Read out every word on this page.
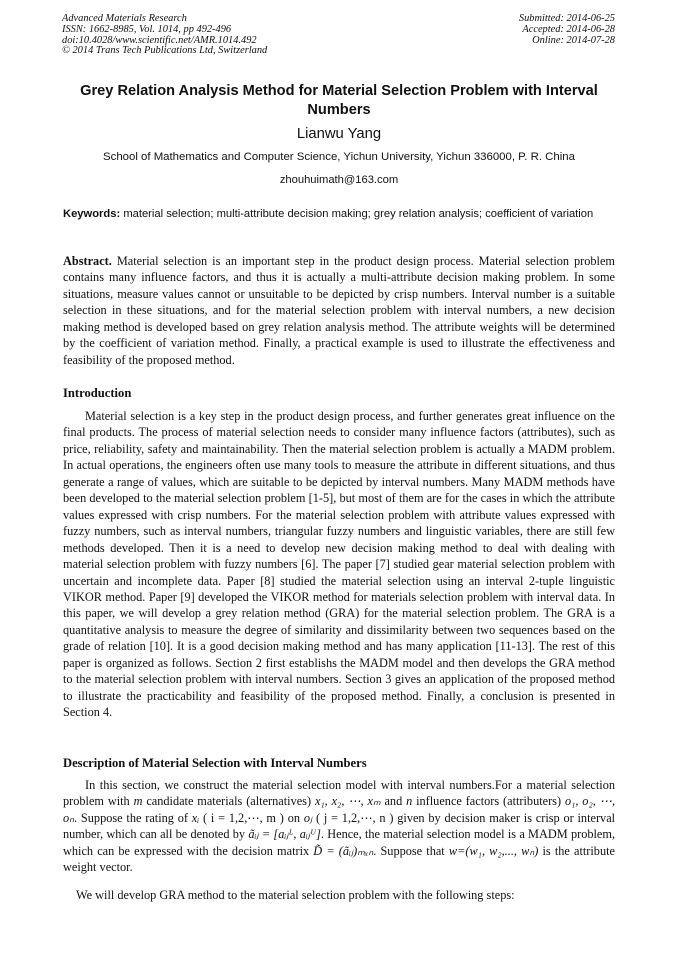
Advanced Materials Research
ISSN: 1662-8985, Vol. 1014, pp 492-496
doi:10.4028/www.scientific.net/AMR.1014.492
© 2014 Trans Tech Publications Ltd, Switzerland
Submitted: 2014-06-25
Accepted: 2014-06-28
Online: 2014-07-28
Grey Relation Analysis Method for Material Selection Problem with Interval Numbers
Lianwu Yang
School of Mathematics and Computer Science, Yichun University, Yichun 336000, P. R. China
zhouhuimath@163.com
Keywords: material selection; multi-attribute decision making; grey relation analysis; coefficient of variation

Abstract. Material selection is an important step in the product design process. Material selection problem contains many influence factors, and thus it is actually a multi-attribute decision making problem. In some situations, measure values cannot or unsuitable to be depicted by crisp numbers. Interval number is a suitable selection in these situations, and for the material selection problem with interval numbers, a new decision making method is developed based on grey relation analysis method. The attribute weights will be determined by the coefficient of variation method. Finally, a practical example is used to illustrate the effectiveness and feasibility of the proposed method.

Introduction

Material selection is a key step in the product design process, and further generates great influence on the final products. The process of material selection needs to consider many influence factors (attributes), such as price, reliability, safety and maintainability. Then the material selection problem is actually a MADM problem. In actual operations, the engineers often use many tools to measure the attribute in different situations, and thus generate a range of values, which are suitable to be depicted by interval numbers. Many MADM methods have been developed to the material selection problem [1-5], but most of them are for the cases in which the attribute values expressed with crisp numbers. For the material selection problem with attribute values expressed with fuzzy numbers, such as interval numbers, triangular fuzzy numbers and linguistic variables, there are still few methods developed. Then it is a need to develop new decision making method to deal with dealing with material selection problem with fuzzy numbers [6]. The paper [7] studied gear material selection problem with uncertain and incomplete data. Paper [8] studied the material selection using an interval 2-tuple linguistic VIKOR method. Paper [9] developed the VIKOR method for materials selection problem with interval data. In this paper, we will develop a grey relation method (GRA) for the material selection problem. The GRA is a quantitative analysis to measure the degree of similarity and dissimilarity between two sequences based on the grade of relation [10]. It is a good decision making method and has many application [11-13]. The rest of this paper is organized as follows. Section 2 first establishs the MADM model and then develops the GRA method to the material selection problem with interval numbers. Section 3 gives an application of the proposed method to illustrate the practicability and feasibility of the proposed method. Finally, a conclusion is presented in Section 4.

Description of Material Selection with Interval Numbers

In this section, we construct the material selection model with interval numbers.For a material selection problem with m candidate materials (alternatives) x₁, x₂, ⋯, xₘ and n influence factors (attributers) o₁, o₂, ⋯, oₙ. Suppose the rating of xᵢ ( i = 1,2,⋯, m ) on oⱼ ( j = 1,2,⋯, n ) given by decision maker is crisp or interval number, which can all be denoted by ãᵢⱼ = [aᵢⱼᴸ, aᵢⱼᵁ]. Hence, the material selection model is a MADM problem, which can be expressed with the decision matrix D̃ = (ãᵢⱼ)ₘₓₙ. Suppose that w=(w₁, w₂,..., wₙ) is the attribute weight vector.

We will develop GRA method to the material selection problem with the following steps:
